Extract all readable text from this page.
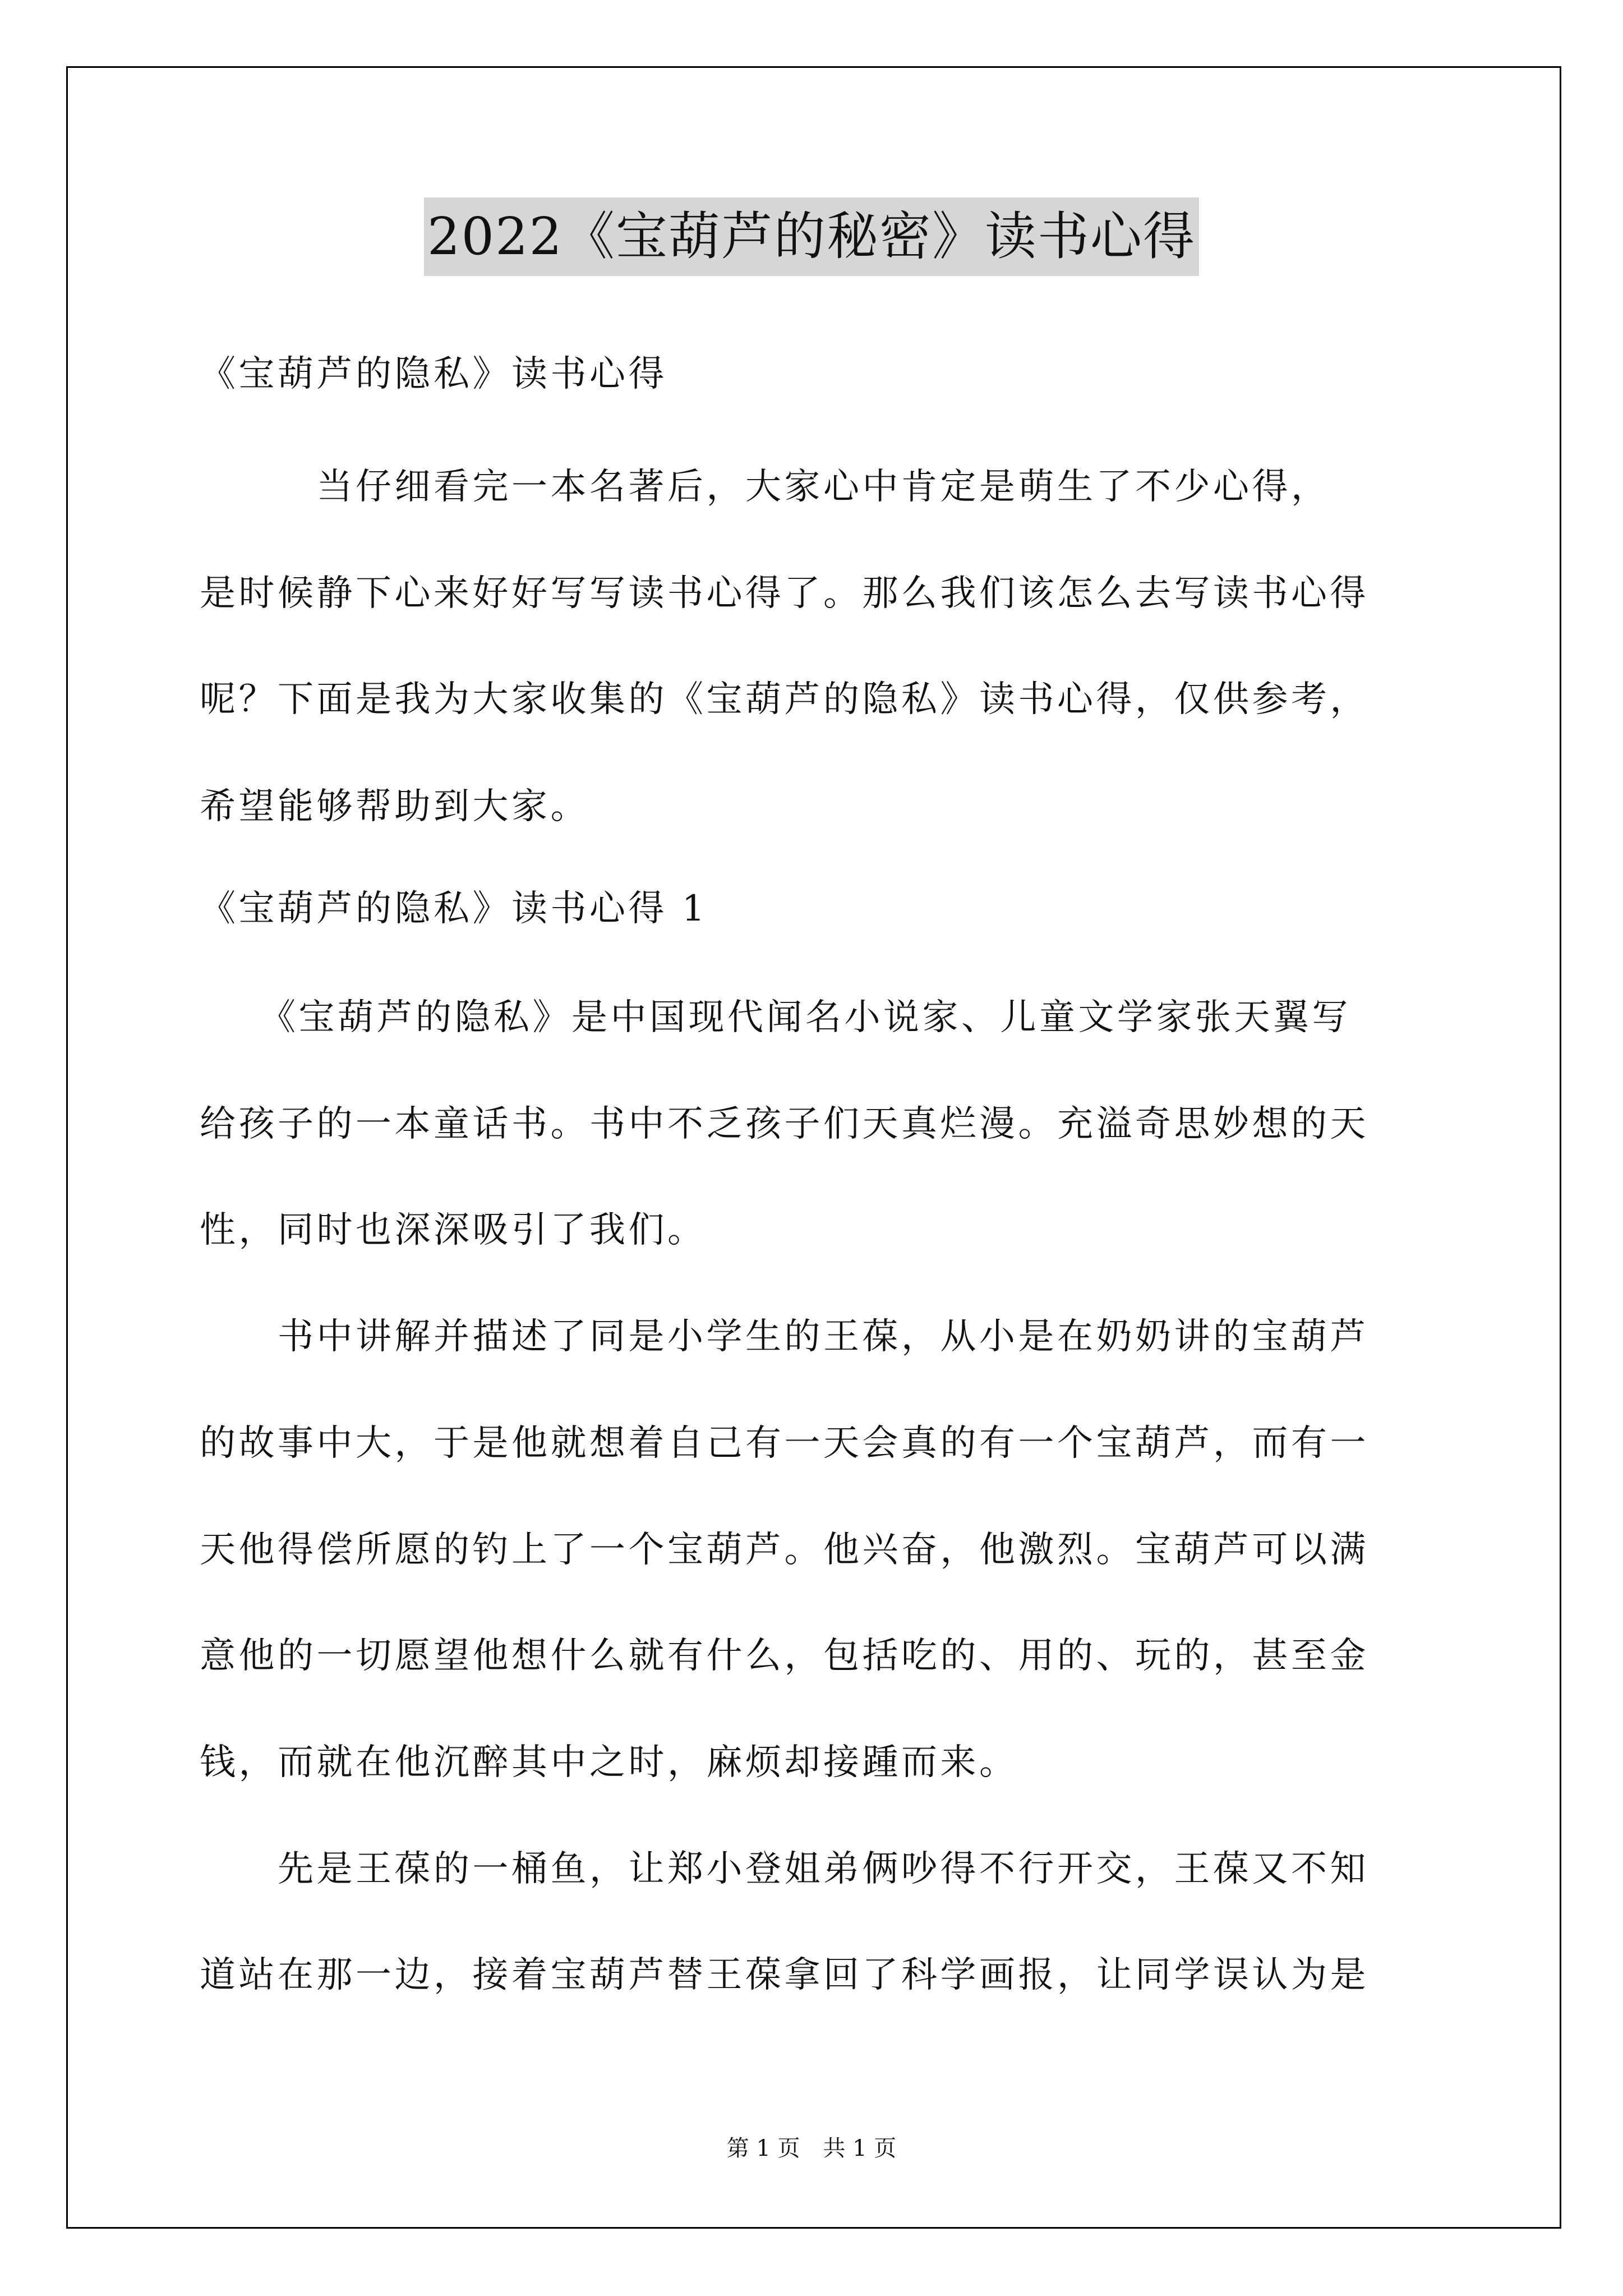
2022《宝葫芦的秘密》读书心得
《宝葫芦的隐私》读书心得
　　　当仔细看完一本名著后，大家心中肯定是萌生了不少心得，
是时候静下心来好好写写读书心得了。那么我们该怎么去写读书心得
呢？下面是我为大家收集的《宝葫芦的隐私》读书心得，仅供参考，
希望能够帮助到大家。
《宝葫芦的隐私》读书心得 1
　　《宝葫芦的隐私》是中国现代闻名小说家、儿童文学家张天翼写
给孩子的一本童话书。书中不乏孩子们天真烂漫。充溢奇思妙想的天
性，同时也深深吸引了我们。
　　书中讲解并描述了同是小学生的王葆，从小是在奶奶讲的宝葫芦
的故事中大，于是他就想着自己有一天会真的有一个宝葫芦，而有一
天他得偿所愿的钓上了一个宝葫芦。他兴奋，他激烈。宝葫芦可以满
意他的一切愿望他想什么就有什么，包括吃的、用的、玩的，甚至金
钱，而就在他沉醉其中之时，麻烦却接踵而来。
　　先是王葆的一桶鱼，让郑小登姐弟俩吵得不行开交，王葆又不知
道站在那一边，接着宝葫芦替王葆拿回了科学画报，让同学误认为是
第 1 页 共 1 页
